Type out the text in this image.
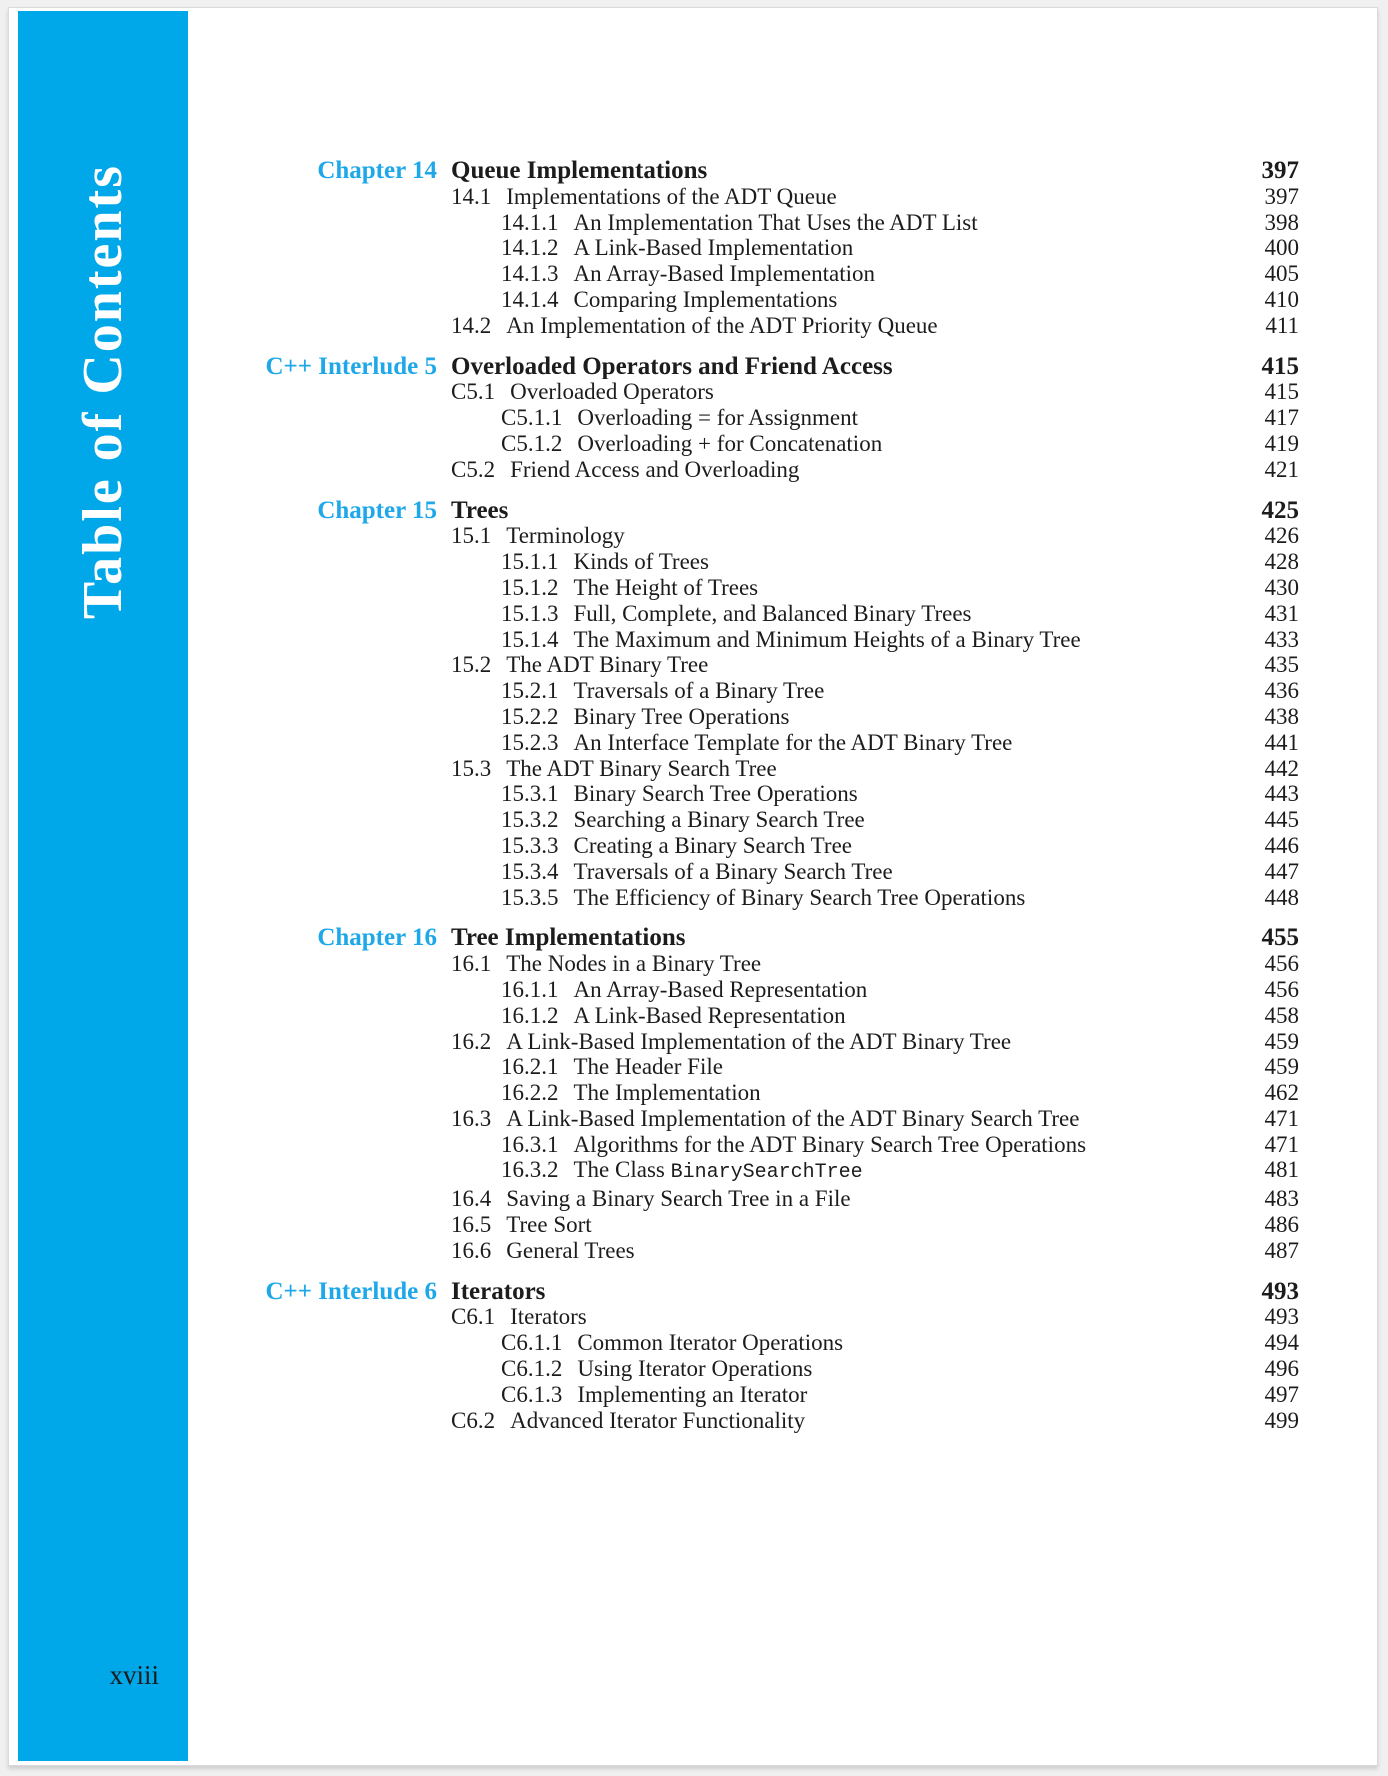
Table of Contents
xviii
Chapter 14 Queue Implementations	397
14.1 Implementations of the ADT Queue	397
14.1.1 An Implementation That Uses the ADT List	398
14.1.2 A Link-Based Implementation	400
14.1.3 An Array-Based Implementation	405
14.1.4 Comparing Implementations	410
14.2 An Implementation of the ADT Priority Queue	411
C++ Interlude 5 Overloaded Operators and Friend Access	415
C5.1 Overloaded Operators	415
C5.1.1 Overloading = for Assignment	417
C5.1.2 Overloading + for Concatenation	419
C5.2 Friend Access and Overloading	421
Chapter 15 Trees	425
15.1 Terminology	426
15.1.1 Kinds of Trees	428
15.1.2 The Height of Trees	430
15.1.3 Full, Complete, and Balanced Binary Trees	431
15.1.4 The Maximum and Minimum Heights of a Binary Tree	433
15.2 The ADT Binary Tree	435
15.2.1 Traversals of a Binary Tree	436
15.2.2 Binary Tree Operations	438
15.2.3 An Interface Template for the ADT Binary Tree	441
15.3 The ADT Binary Search Tree	442
15.3.1 Binary Search Tree Operations	443
15.3.2 Searching a Binary Search Tree	445
15.3.3 Creating a Binary Search Tree	446
15.3.4 Traversals of a Binary Search Tree	447
15.3.5 The Efficiency of Binary Search Tree Operations	448
Chapter 16 Tree Implementations	455
16.1 The Nodes in a Binary Tree	456
16.1.1 An Array-Based Representation	456
16.1.2 A Link-Based Representation	458
16.2 A Link-Based Implementation of the ADT Binary Tree	459
16.2.1 The Header File	459
16.2.2 The Implementation	462
16.3 A Link-Based Implementation of the ADT Binary Search Tree	471
16.3.1 Algorithms for the ADT Binary Search Tree Operations	471
16.3.2 The Class BinarySearchTree	481
16.4 Saving a Binary Search Tree in a File	483
16.5 Tree Sort	486
16.6 General Trees	487
C++ Interlude 6 Iterators	493
C6.1 Iterators	493
C6.1.1 Common Iterator Operations	494
C6.1.2 Using Iterator Operations	496
C6.1.3 Implementing an Iterator	497
C6.2 Advanced Iterator Functionality	499
